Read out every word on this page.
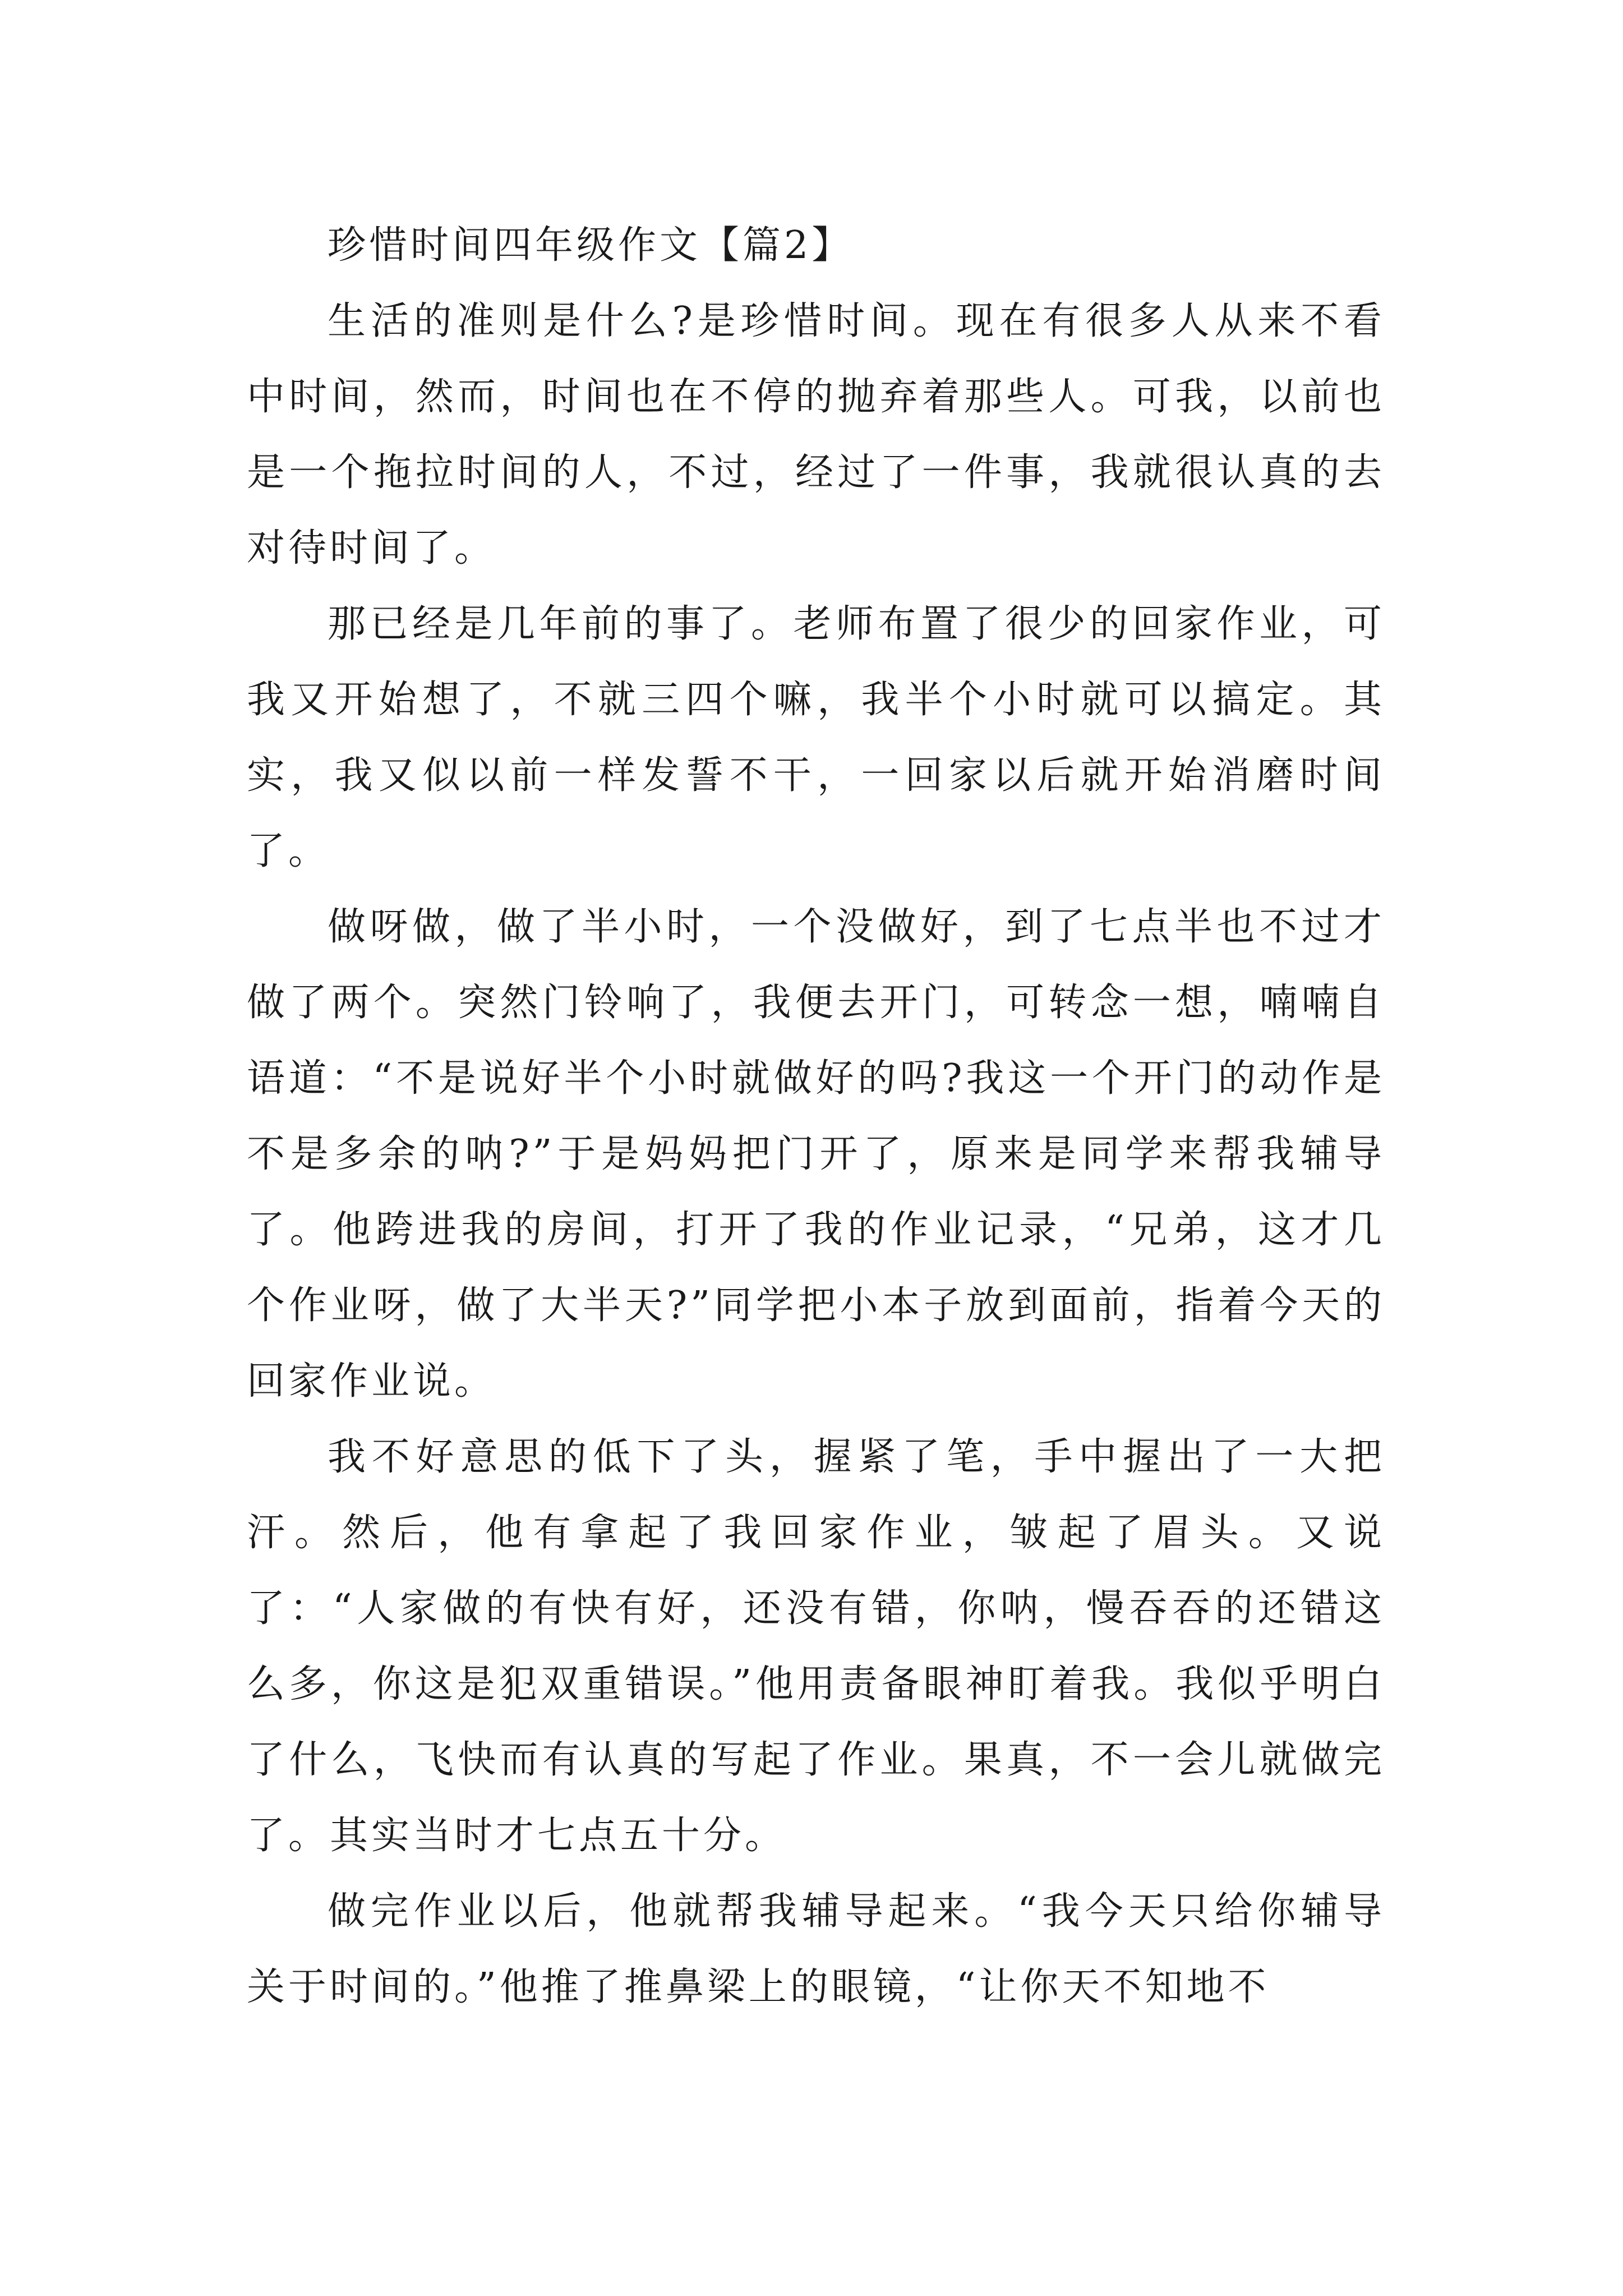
珍惜时间四年级作文【篇2】

生活的准则是什么?是珍惜时间。现在有很多人从来不看中时间，然而，时间也在不停的抛弃着那些人。可我，以前也是一个拖拉时间的人，不过，经过了一件事，我就很认真的去对待时间了。

那已经是几年前的事了。老师布置了很少的回家作业，可我又开始想了，不就三四个嘛，我半个小时就可以搞定。其实，我又似以前一样发誓不干，一回家以后就开始消磨时间了。

做呀做，做了半小时，一个没做好，到了七点半也不过才做了两个。突然门铃响了，我便去开门，可转念一想，喃喃自语道：“不是说好半个小时就做好的吗?我这一个开门的动作是不是多余的呐?”于是妈妈把门开了，原来是同学来帮我辅导了。他跨进我的房间，打开了我的作业记录，“兄弟，这才几个作业呀，做了大半天?”同学把小本子放到面前，指着今天的回家作业说。

我不好意思的低下了头，握紧了笔，手中握出了一大把汗。然后，他有拿起了我回家作业，皱起了眉头。又说了：“人家做的有快有好，还没有错，你呐，慢吞吞的还错这么多，你这是犯双重错误。”他用责备眼神盯着我。我似乎明白了什么，飞快而有认真的写起了作业。果真，不一会儿就做完了。其实当时才七点五十分。

做完作业以后，他就帮我辅导起来。“我今天只给你辅导关于时间的。”他推了推鼻梁上的眼镜，“让你天不知地不
